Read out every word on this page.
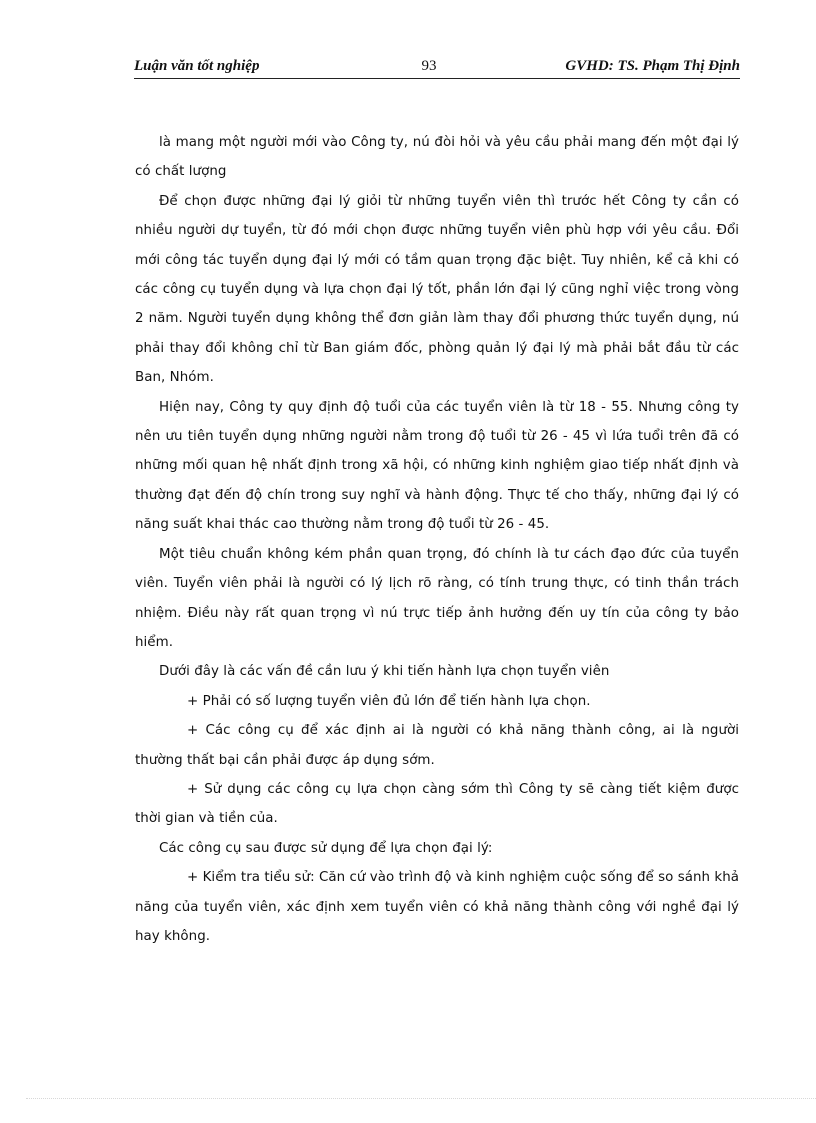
Luận văn tốt nghiệp	93	GVHD: TS. Phạm Thị Định

là mang một người mới vào Công ty, nú đòi hỏi và yêu cầu phải mang đến một đại lý có chất lượng

Để chọn được những đại lý giỏi từ những tuyển viên thì trước hết Công ty cần có nhiều người dự tuyển, từ đó mới chọn được những tuyển viên phù hợp với yêu cầu. Đổi mới công tác tuyển dụng đại lý mới có tầm quan trọng đặc biệt. Tuy nhiên, kể cả khi có các công cụ tuyển dụng và lựa chọn đại lý tốt, phần lớn đại lý cũng nghỉ việc trong vòng 2 năm. Người tuyển dụng không thể đơn giản làm thay đổi phương thức tuyển dụng, nú phải thay đổi không chỉ từ Ban giám đốc, phòng quản lý đại lý mà phải bắt đầu từ các Ban, Nhóm.

Hiện nay, Công ty quy định độ tuổi của các tuyển viên là từ 18 - 55. Nhưng công ty nên ưu tiên tuyển dụng những người nằm trong độ tuổi từ 26 - 45 vì lứa tuổi trên đã có những mối quan hệ nhất định trong xã hội, có những kinh nghiệm giao tiếp nhất định và thường đạt đến độ chín trong suy nghĩ và hành động. Thực tế cho thấy, những đại lý có năng suất khai thác cao thường nằm trong độ tuổi từ 26 - 45.

Một tiêu chuẩn không kém phần quan trọng, đó chính là tư cách đạo đức của tuyển viên. Tuyển viên phải là người có lý lịch rõ ràng, có tính trung thực, có tinh thần trách nhiệm. Điều này rất quan trọng vì nú trực tiếp ảnh hưởng đến uy tín của công ty bảo hiểm.

Dưới đây là các vấn đề cần lưu ý khi tiến hành lựa chọn tuyển viên

+ Phải có số lượng tuyển viên đủ lớn để tiến hành lựa chọn.

+ Các công cụ để xác định ai là người có khả năng thành công, ai là người thường thất bại cần phải được áp dụng sớm.

+ Sử dụng các công cụ lựa chọn càng sớm thì Công ty sẽ càng tiết kiệm được thời gian và tiền của.

Các công cụ sau được sử dụng để lựa chọn đại lý:

+ Kiểm tra tiểu sử: Căn cứ vào trình độ và kinh nghiệm cuộc sống để so sánh khả năng của tuyển viên, xác định xem tuyển viên có khả năng thành công với nghề đại lý hay không.
